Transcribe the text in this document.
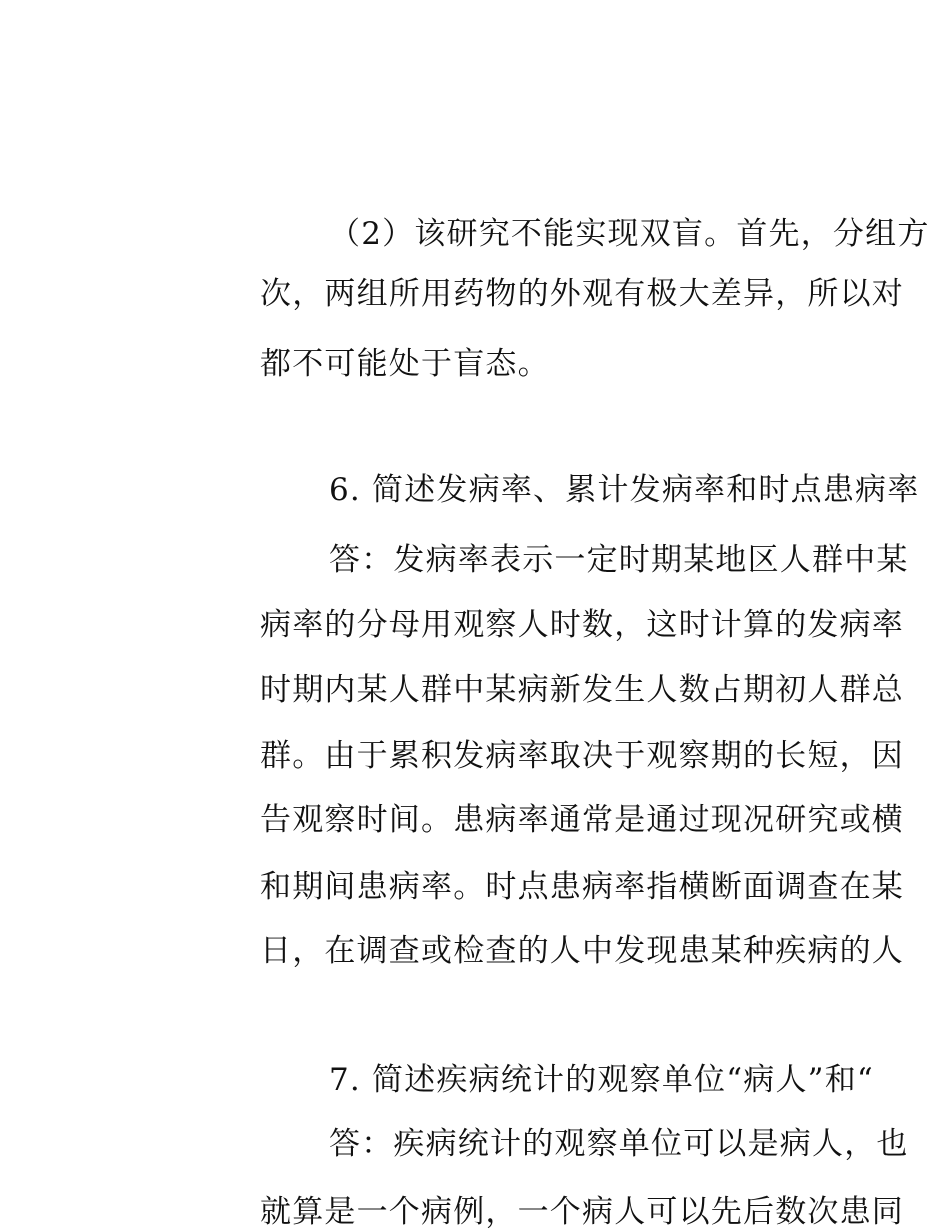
（2）该研究不能实现双盲。首先，分组方
次，两组所用药物的外观有极大差异，所以对
都不可能处于盲态。
6. 简述发病率、累计发病率和时点患病率
答：发病率表示一定时期某地区人群中某
病率的分母用观察人时数，这时计算的发病率
时期内某人群中某病新发生人数占期初人群总
群。由于累积发病率取决于观察期的长短，因
告观察时间。患病率通常是通过现况研究或横
和期间患病率。时点患病率指横断面调查在某
日，在调查或检查的人中发现患某种疾病的人
7. 简述疾病统计的观察单位“病人”和“
答：疾病统计的观察单位可以是病人，也
就算是一个病例，一个病人可以先后数次患同
